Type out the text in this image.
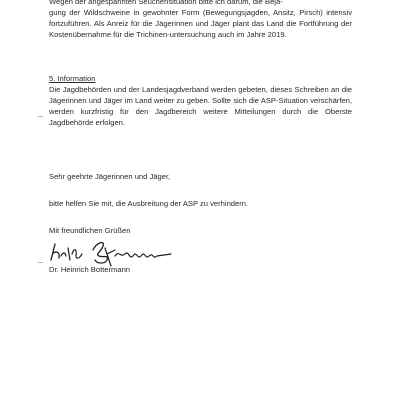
Wegen der angespannten Seuchensituation bitte ich darum, die Beja-
gung der Wildschweine in gewohnter Form (Bewegungsjagden, Ansitz, Pirsch) intensiv fortzuführen. Als Anreiz für die Jägerinnen und Jäger plant das Land die Fortführung der Kostenübernahme für die Trichinen-untersuchung auch im Jahre 2019.
5. Information
Die Jagdbehörden und der Landesjagdverband werden gebeten, dieses Schreiben an die Jägerinnen und Jäger im Land weiter zu geben. Sollte sich die ASP-Situation verschärfen, werden kurzfristig für den Jagdbereich weitere Mitteilungen durch die Oberste Jagdbehörde erfolgen.
Sehr geehrte Jägerinnen und Jäger,
bitte helfen Sie mit, die Ausbreitung der ASP zu verhindern.
Mit freundlichen Grüßen
Dr. Heinrich Bottermann
